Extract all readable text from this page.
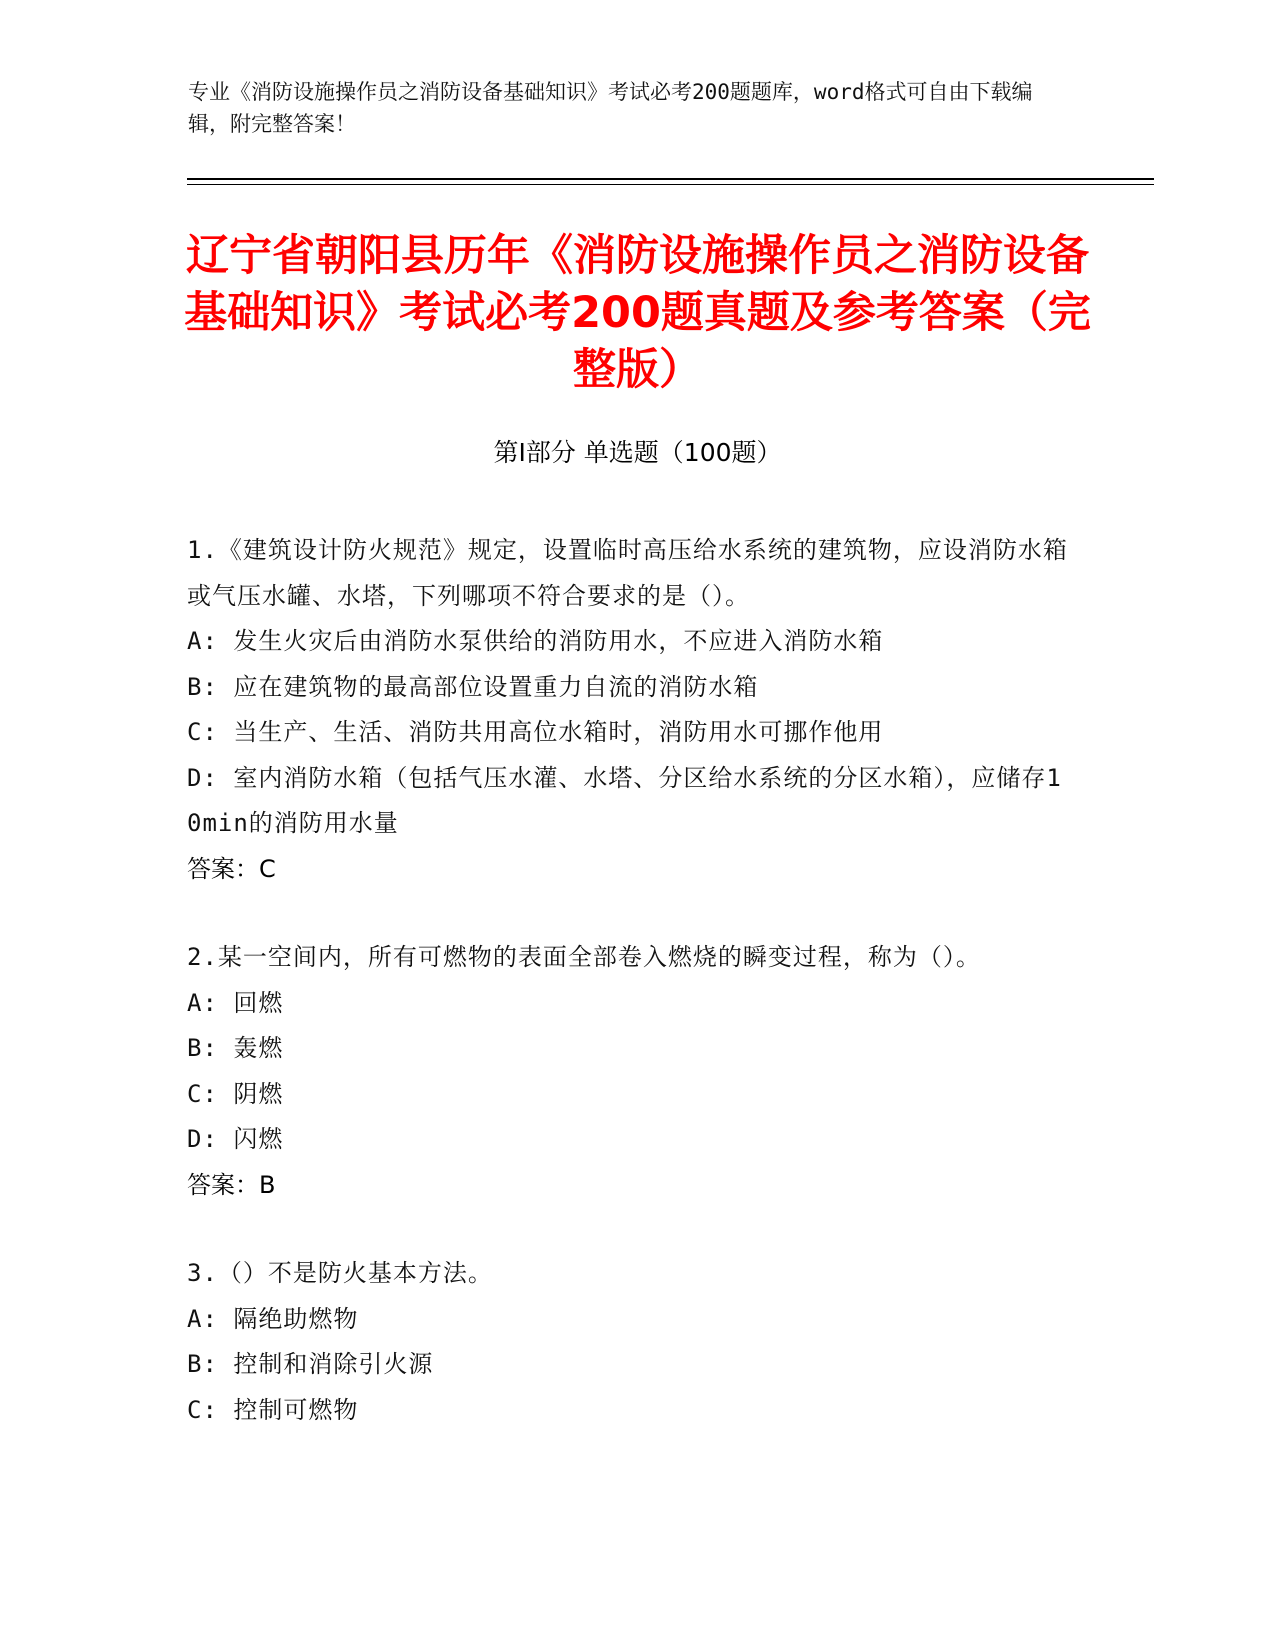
专业《消防设施操作员之消防设备基础知识》考试必考200题题库，word格式可自由下载编辑，附完整答案！
辽宁省朝阳县历年《消防设施操作员之消防设备基础知识》考试必考200题真题及参考答案（完整版）
第Ⅰ部分 单选题（100题）
1.《建筑设计防火规范》规定，设置临时高压给水系统的建筑物，应设消防水箱或气压水罐、水塔，下列哪项不符合要求的是（）。
A: 发生火灾后由消防水泵供给的消防用水，不应进入消防水箱
B: 应在建筑物的最高部位设置重力自流的消防水箱
C: 当生产、生活、消防共用高位水箱时，消防用水可挪作他用
D: 室内消防水箱（包括气压水灌、水塔、分区给水系统的分区水箱），应储存10min的消防用水量
答案：C
2.某一空间内，所有可燃物的表面全部卷入燃烧的瞬变过程，称为（）。
A: 回燃
B: 轰燃
C: 阴燃
D: 闪燃
答案：B
3.（）不是防火基本方法。
A: 隔绝助燃物
B: 控制和消除引火源
C: 控制可燃物
